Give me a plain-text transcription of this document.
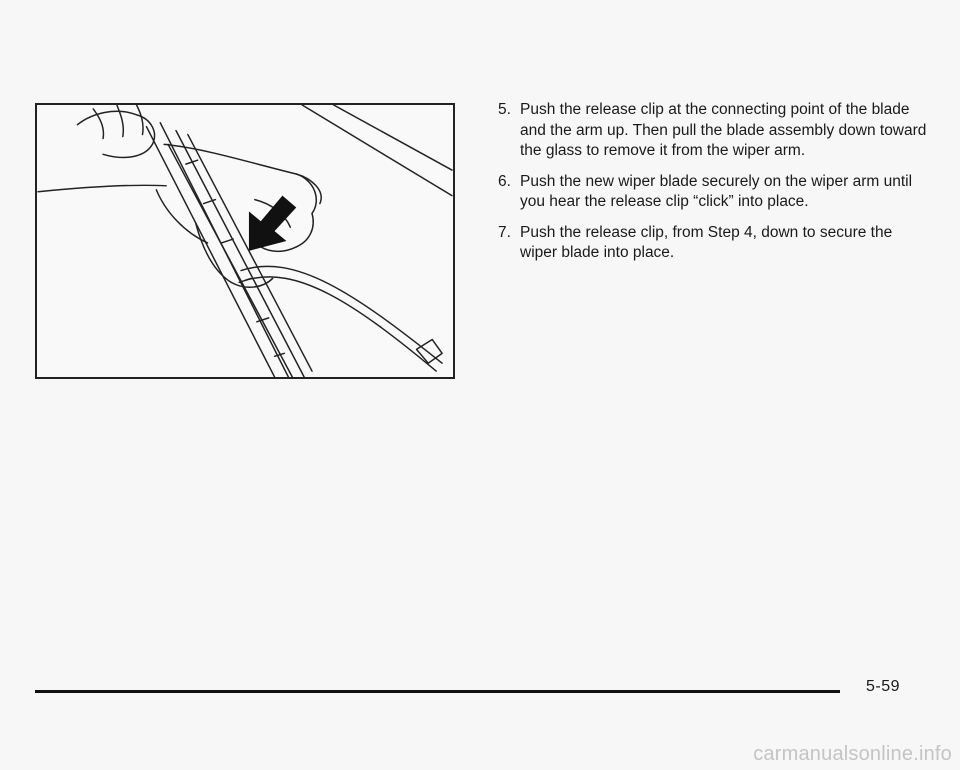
5. Push the release clip at the connecting point of the blade and the arm up. Then pull the blade assembly down toward the glass to remove it from the wiper arm.
6. Push the new wiper blade securely on the wiper arm until you hear the release clip “click” into place.
7. Push the release clip, from Step 4, down to secure the wiper blade into place.
5-59
carmanualsonline.info
